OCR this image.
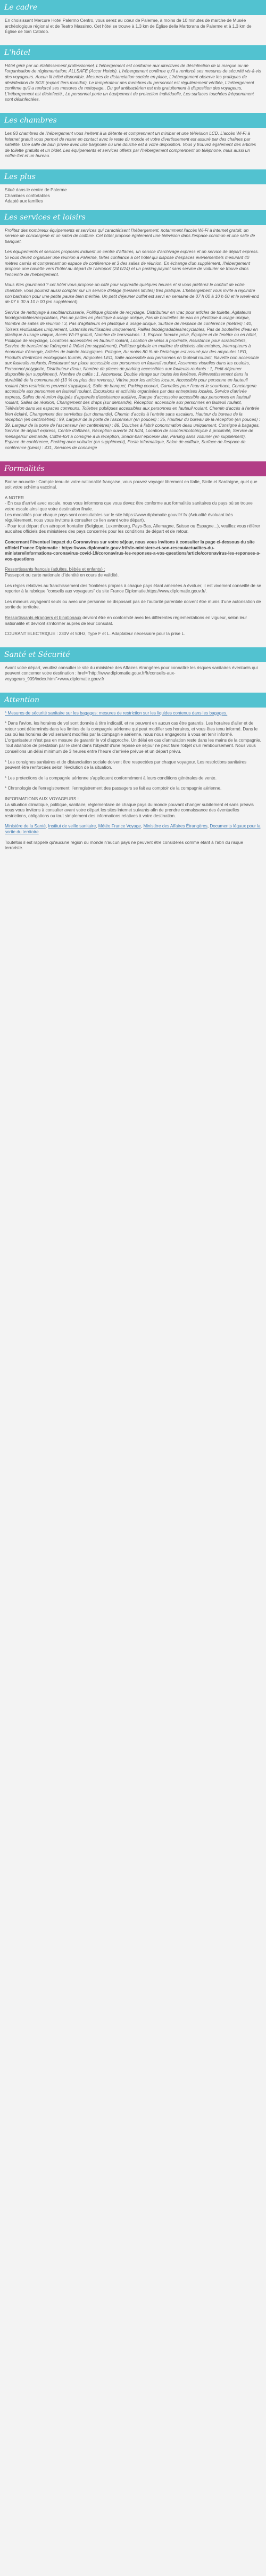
Le cadre

En choisissant Mercure Hotel Palermo Centro, vous serez au cœur de Palerme, à moins de 10 minutes de marche de Musée archéologique régional et de Teatro Massimo. Cet hôtel se trouve à 1,3 km de Église della Martorana de Palerme et à 1,3 km de Église de San Cataldo.

L'hôtel

Hôtel géré par un établissement professionnel, L'hébergement est conforme aux directives de désinfection de la marque ou de l'organisation de réglementation, ALLSAFE (Accor Hotels). L'hébergement confirme qu'il a renforcé ses mesures de sécurité vis-à-vis des voyageurs. Aucun lit bébé disponible. Mesures de distanciation sociale en place, L'hébergement observe les pratiques de désinfection de SGS (expert tiers mondial). Le températeur des membres du personnel est régulièrement vérifiée, L'hébergement confirme qu'il a renforcé ses mesures de nettoyage., Du gel antibactérien est mis gratuitement à disposition des voyageurs, L'hébergement est désinfecté., Le personnel porte un équipement de protection individuelle, Les surfaces touchées fréquemment sont désinfectées.

Les chambres

Les 93 chambres de l'hébergement vous invitent à la détente et comprennent un minibar et une télévision LCD. L'accès Wi-Fi à Internet gratuit vous permet de rester en contact avec le reste du monde et votre divertissement est assuré par des chaînes par satellite. Une salle de bain privée avec une baignoire ou une douche est à votre disposition. Vous y trouvez également des articles de toilette gratuits et un bidet. Les équipements et services offerts par l'hébergement comprennent un téléphone, mais aussi un coffre-fort et un bureau.

Les plus
Situé dans le centre de Palerme
Chambres confortables
Adapté aux familles
Les services et loisirs

Profitez des nombreux équipements et services qui caractérisent l'hébergement, notamment l'accès Wi-Fi à Internet gratuit, un service de conciergerie et un salon de coiffure. Cet hôtel propose également une télévision dans l'espace commun et une salle de banquet.

Les équipements et services proposés incluent un centre d'affaires, un service d'archivage express et un service de départ express. Si vous devez organiser une réunion à Palerme, faites confiance à cet hôtel qui dispose d'espaces événementiels mesurant 40 mètres carrés et comprenant un espace de conférence et 3 des salles de réunion. En échange d'un supplément, l'hébergement propose une navette vers l'hôtel au départ de l'aéroport (24 h/24) et un parking payant sans service de voiturier se trouve dans l'enceinte de l'hébergement.

Vous êtes gourmand ? cet hôtel vous propose un café pour vopreatte quelques heures et si vous préférez le confort de votre chambre, vous pourrez aussi compter sur un service d'étage (heraires limités) très pratique. L'hébergement vous invite à rejoindre son bar/salon pour une petite pause bien méritée. Un petit déjeuner buffet est servi en semaine de 07 h 00 à 10 h 00 et le week-end de 07 h 00 à 10 h 00 (en supplément).

Service de nettoyage à sec/blanchisserie, Politique globale de recyclage. Distributeur en vrac pour articles de toilette, Agitateurs biodégradables/recyclables, Pas de pailles en plastique à usage unique, Pas de bouteilles de eau en plastique à usage unique, Nombre de salles de réunion : 3, Pas d'agitateurs en plastique à usage unique, Surface de l'espace de conférence (mètres) : 40, Toisers réutilisables uniquement, Ustensils réutilisables uniquement, Pailles biodégradables/recyclables, Pas de bouteilles d'eau en plastique à usage unique, Accès Wi-Fi gratuit, Nombre de bars/salons : 1, Espace famaire privé, Équipée et de fenêtre ou en hôtel, Politique de recyclage, Locations accessibles en fauteuil roulant, Location de vélos à proximité, Assistance pour scrabs/bilets, Service de transfert de l'aéroport à l'hôtel (en supplément), Politique globale en matière de déchets alimentaires, Interrupteurs à économie d'énergie, Articles de toilette biologiques. Pologne, Au moins 80 % de l'éclairage est assuré par des ampoules LED, Produits d'entretien écologiques fournis, Ampoules LED, Salle accessible aux personnes en fauteuil roulant, Navette non accessible aux fauteuils roulants, Restaurant sur place accessible aux personnes en fauteuil roulant, Assermes visuelles dans les couloirs, Personnel polyglotte, Distributeur d'eau, Nombre de places de parking accessibles aux fauteuils roulants : 1, Petit-déjeuner disponible (en supplément), Nombre de cafés : 1, Ascenseur, Double vitrage sur toutes les fenêtres, Réinvestissement dans la durabilité de la communauté (10 % ou plus des revenus), Vitrine pour les articles locaux, Accessible pour personne en fauteuil roulant (des restrictions peuvent s'appliquer), Salle de banquet, Parking couvert, Garnelles pour l'eau et le sourrhace, Conciergerie accessible aux personnes en fauteuil roulant, Excursions et activités organisées par des entreprises locales, Service d'arrivée express, Salles de réunion équipés d'appareils d'assistance auditive, Rampe d'accessoire accessible aux personnes en fauteuil roulant, Salles de réunion, Changement des draps (sur demande), Réception accessible aux personnes en fauteuil roulant, Télévision dans les espaces communs, Toilettes publiques accessibles aux personnes en fauteuil roulant, Chemin d'accès à l'entrée bien éclairé, Changement des serviettes (sur demande), Chemin d'accès à l'entrée sans escaliers, Hauteur du bureau de la réception (en centimètres) : 99, Largeur de la porte de l'ascenseur (en pouces) : 35, Hauteur du bureau de la réception (en pouces) : 39, Largeur de la porte de l'ascenseur (en centimètres) : 89, Douches à l'abri/ conommation deau uniquement, Consigne à bagages, Service de départ express, Centre d'affaires, Réception ouverte 24 h/24, Location de scooter/motobicycle à proximité, Service de ménage/sur demande, Coffre-fort à consigne à la réception, Snack-bar/ épicerie/ Bar, Parking sans voiturier (en supplément), Espace de conférence, Parking avec voiturier (en supplément), Poste informatique, Salon de coiffure, Surface de l'espace de conférence (pieds) : 431, Services de concierge

Formalités

Bonne nouvelle : Compte tenu de votre nationalité française, vous pouvez voyager librement en Italie, Sicile et Sardaigne, quel que soit votre schéma vaccinal.

A NOTER
- En cas d'arrivé avec escale, nous vous informons que vous devez être conforme aux formalités sanitaires du pays où se trouve votre escale ainsi que votre destination finale.
Les modalités pour chaque pays sont consultables sur le site https://www.diplomatie.gouv.fr/ fr/ (Actualité évoluant très régulièrement, nous vous invitons à consulter ce lien avant votre départ).
- Pour tout départ d'un aéroport frontalier (Belgique, Luxembourg, Pays-Bas, Allemagne, Suisse ou Espagne...), veuillez vous référer aux sites officiels des ministères des pays concernés pour les conditions de départ et de retour.

Concernant l'éventuel impact du Coronavirus sur votre séjour, nous vous invitons à consulter la page ci-dessous du site officiel France Diplomatie : https://www.diplomatie.gouv.fr/fr/le-ministere-et-son-reseau/actualites-du-ministere/informations-coronavirus-covid-19/coronavirus-les-reponses-a-vos-questions/article/coronavirus-les-reponses-a-vos-questions

Ressortissants français (adultes, bébés et enfants) :

Passeport ou carte nationale d'identité en cours de validité.

Les règles relatives au franchissement des frontières propres à chaque pays étant amenées à évoluer, il est vivement conseillé de se reporter à la rubrique "conseils aux voyageurs" du site France Diplomatie,https://www.diplomatie.gouv.fr/.

Les mineurs voyageant seuls ou avec une personne ne disposant pas de l'autorité parentale doivent être munis d'une autorisation de sortie de territoire.

Ressortissants étrangers et binationaux devront être en conformité avec les différentes réglementations en vigueur, selon leur nationalité et devront s'informer auprès de leur consulat.

COURANT ELECTRIQUE : 230V et 50Hz, Type F et L. Adaptateur nécessaire pour la prise L.

Santé et Sécurité

Avant votre départ, veuillez consulter le site du ministère des Affaires étrangères pour connaître les risques sanitaires éventuels qui peuvent concerner votre destination : href="http://www.diplomatie.gouv.fr/fr/conseils-aux-voyageurs_909/index.html">www.diplomatie.gouv.fr

Attention

* Mesures de sécurité sanitaire sur les bagages: mesures de restriction sur les liquides contenus dans les bagages.

* Dans l'avion, les horaires de vol sont donnés à titre indicatif, et ne peuvent en aucun cas être garantis. Les horaires d'aller et de retour sont déterminés dans les limites de la compagnie aérienne qui peut modifier ses horaires, et vous êtes tenu informé. Dans le cas où les horaires de vol seraient modifiés par la compagnie aérienne, nous nous engageons à vous en tenir informé. L'organisateur n'est pas en mesure de garantir le vol d'approche. Un délai en cas d'annulation reste dans les mains de la compagnie. Tout abandon de prestation par le client dans l'objectif d'une reprise de séjour ne peut faire l'objet d'un remboursement. Nous vous conseillons un délai minimum de 3 heures entre l'heure d'arrivée prévue et un départ prévu.

* Les consignes sanitaires et de distanciation sociale doivent être respectées par chaque voyageur. Les restrictions sanitaires peuvent être renforcées selon l'évolution de la situation.

* Les protections de la compagnie aérienne s'appliquent conformément à leurs conditions générales de vente.

* Chronologie de l'enregistrement: l'enregistrement des passagers se fait au comptoir de la compagnie aérienne.

INFORMATIONS AUX VOYAGEURS :

La situation climatique, politique, sanitaire, réglementaire de chaque pays du monde pouvant changer subitement et sans préavis nous vous invitons à consulter avant votre départ les sites internet suivants afin de prendre connaissance des éventuelles restrictions, obligations ou tout simplement des informations relatives à votre destination.

Ministère de la Santé, Institut de veille sanitaire, Météo France Voyage, Ministère des Affaires Étrangères, Documents légaux pour la sortie du territoire

Toutefois il est rappelé qu'aucune région du monde n'aucun pays ne peuvent être considérés comme étant à l'abri du risque terroriste.
